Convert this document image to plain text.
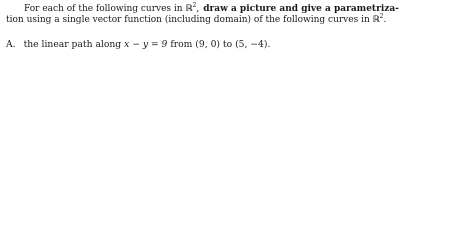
For each of the following curves in ℝ$^2$, draw a picture and give a parametriza-
tion using a single vector function (including domain) of the following curves in ℝ$^2$.
A. the linear path along x − y = 9 from (9, 0) to (5, −4).
